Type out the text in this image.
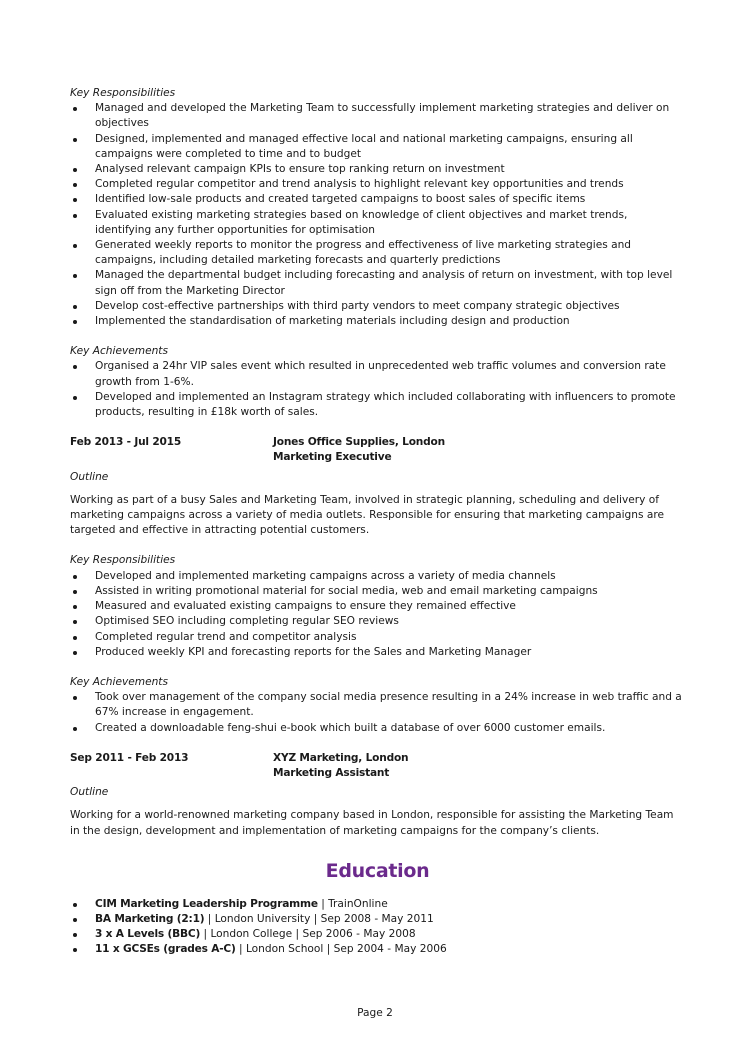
Key Responsibilities
Managed and developed the Marketing Team to successfully implement marketing strategies and deliver on objectives
Designed, implemented and managed effective local and national marketing campaigns, ensuring all campaigns were completed to time and to budget
Analysed relevant campaign KPIs to ensure top ranking return on investment
Completed regular competitor and trend analysis to highlight relevant key opportunities and trends
Identified low-sale products and created targeted campaigns to boost sales of specific items
Evaluated existing marketing strategies based on knowledge of client objectives and market trends, identifying any further opportunities for optimisation
Generated weekly reports to monitor the progress and effectiveness of live marketing strategies and campaigns, including detailed marketing forecasts and quarterly predictions
Managed the departmental budget including forecasting and analysis of return on investment, with top level sign off from the Marketing Director
Develop cost-effective partnerships with third party vendors to meet company strategic objectives
Implemented the standardisation of marketing materials including design and production
Key Achievements
Organised a 24hr VIP sales event which resulted in unprecedented web traffic volumes and conversion rate growth from 1-6%.
Developed and implemented an Instagram strategy which included collaborating with influencers to promote products, resulting in £18k worth of sales.
Feb 2013 - Jul 2015	Jones Office Supplies, London
Marketing Executive
Outline

Working as part of a busy Sales and Marketing Team, involved in strategic planning, scheduling and delivery of marketing campaigns across a variety of media outlets. Responsible for ensuring that marketing campaigns are targeted and effective in attracting potential customers.

Key Responsibilities
Developed and implemented marketing campaigns across a variety of media channels
Assisted in writing promotional material for social media, web and email marketing campaigns
Measured and evaluated existing campaigns to ensure they remained effective
Optimised SEO including completing regular SEO reviews
Completed regular trend and competitor analysis
Produced weekly KPI and forecasting reports for the Sales and Marketing Manager
Key Achievements
Took over management of the company social media presence resulting in a 24% increase in web traffic and a 67% increase in engagement.
Created a downloadable feng-shui e-book which built a database of over 6000 customer emails.
Sep 2011 - Feb 2013	XYZ Marketing, London
Marketing Assistant
Outline

Working for a world-renowned marketing company based in London, responsible for assisting the Marketing Team in the design, development and implementation of marketing campaigns for the company’s clients.

Education
CIM Marketing Leadership Programme | TrainOnline
BA Marketing (2:1) | London University | Sep 2008 - May 2011
3 x A Levels (BBC) | London College | Sep 2006 - May 2008
11 x GCSEs (grades A-C) | London School | Sep 2004 - May 2006
Page 2
